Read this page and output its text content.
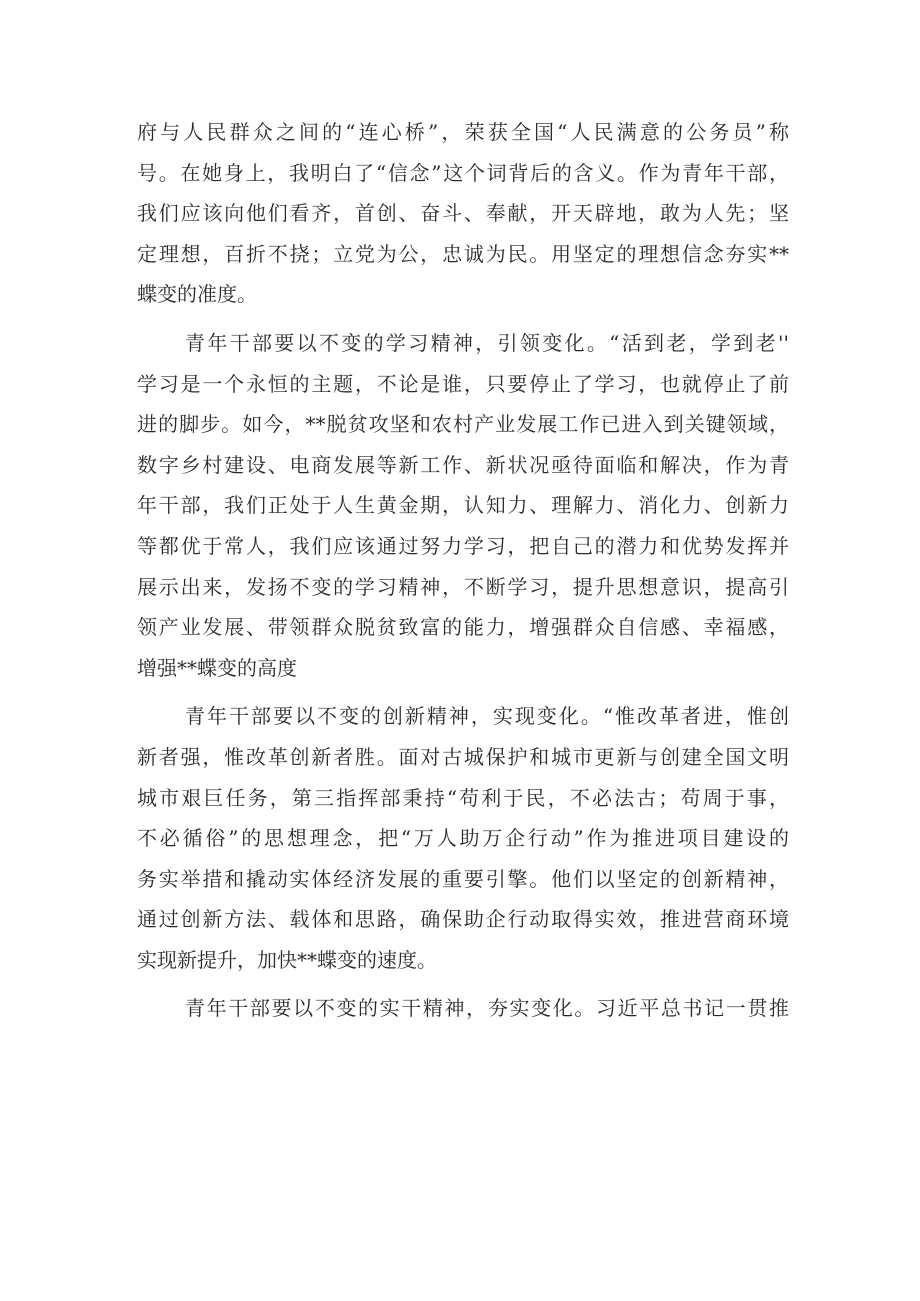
府与人民群众之间的“连心桥”，荣获全国“人民满意的公务员”称
号。在她身上，我明白了“信念”这个词背后的含义。作为青年干部，
我们应该向他们看齐，首创、奋斗、奉献，开天辟地，敢为人先；坚
定理想，百折不挠；立党为公，忠诚为民。用坚定的理想信念夯实**
蝶变的准度。
青年干部要以不变的学习精神，引领变化。“活到老，学到老''
学习是一个永恒的主题，不论是谁，只要停止了学习，也就停止了前
进的脚步。如今，**脱贫攻坚和农村产业发展工作已进入到关键领域，
数字乡村建设、电商发展等新工作、新状况亟待面临和解决，作为青
年干部，我们正处于人生黄金期，认知力、理解力、消化力、创新力
等都优于常人，我们应该通过努力学习，把自己的潜力和优势发挥并
展示出来，发扬不变的学习精神，不断学习，提升思想意识，提高引
领产业发展、带领群众脱贫致富的能力，增强群众自信感、幸福感，
增强**蝶变的高度
青年干部要以不变的创新精神，实现变化。“惟改革者进，惟创
新者强，惟改革创新者胜。面对古城保护和城市更新与创建全国文明
城市艰巨任务，第三指挥部秉持“苟利于民，不必法古；苟周于事，
不必循俗”的思想理念，把“万人助万企行动”作为推进项目建设的
务实举措和撬动实体经济发展的重要引擎。他们以坚定的创新精神，
通过创新方法、载体和思路，确保助企行动取得实效，推进营商环境
实现新提升，加快**蝶变的速度。
青年干部要以不变的实干精神，夯实变化。习近平总书记一贯推
